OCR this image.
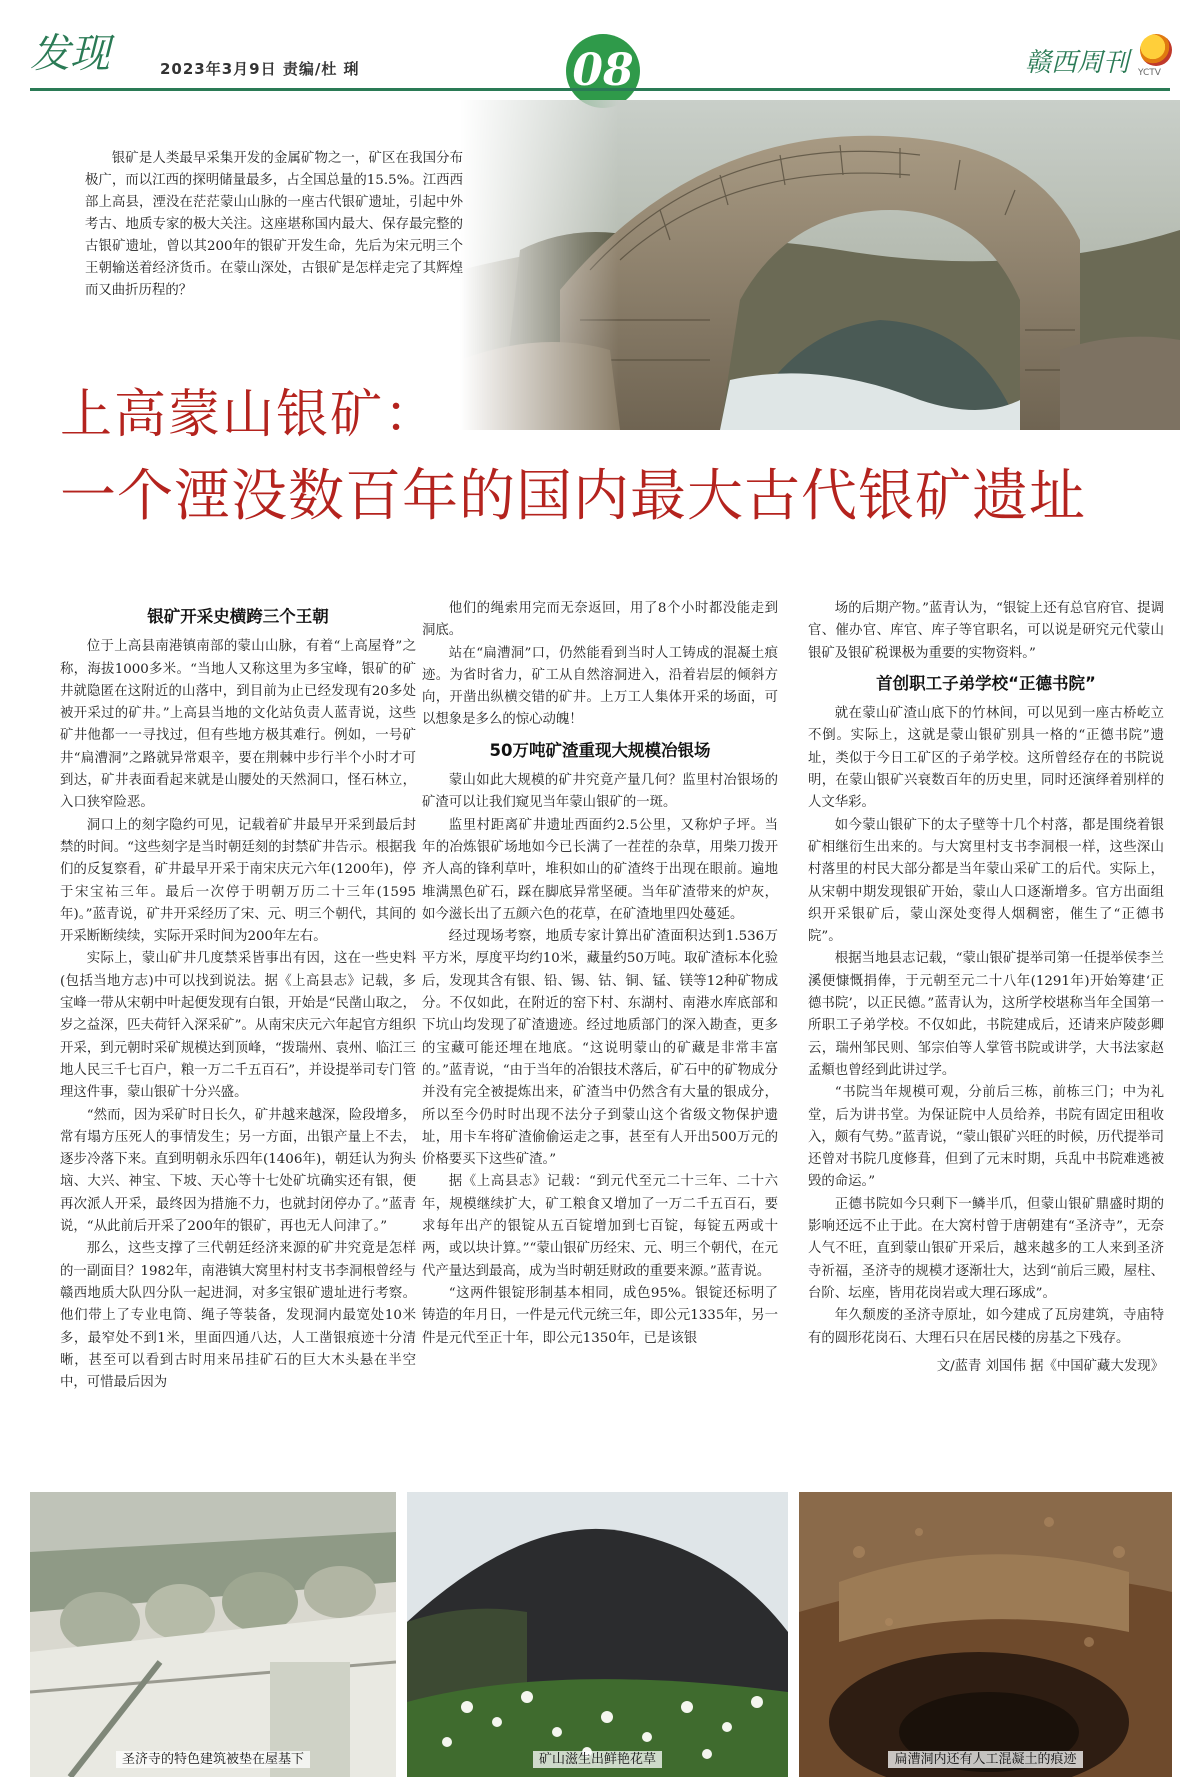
发现	2023年3月9日 责编/杜 琍	08	赣西周刊 YCTV

银矿是人类最早采集开发的金属矿物之一，矿区在我国分布极广，而以江西的探明储量最多，占全国总量的15.5%。江西西部上高县，湮没在茫茫蒙山山脉的一座古代银矿遗址，引起中外考古、地质专家的极大关注。这座堪称国内最大、保存最完整的古银矿遗址，曾以其200年的银矿开发生命，先后为宋元明三个王朝输送着经济货币。在蒙山深处，古银矿是怎样走完了其辉煌而又曲折历程的？

上高蒙山银矿：
一个湮没数百年的国内最大古代银矿遗址
银矿开采史横跨三个王朝

位于上高县南港镇南部的蒙山山脉，有着“上高屋脊”之称，海拔1000多米。“当地人又称这里为多宝峰，银矿的矿井就隐匿在这附近的山落中，到目前为止已经发现有20多处被开采过的矿井。”上高县当地的文化站负责人蓝青说，这些矿井他都一一寻找过，但有些地方极其难行。例如，一号矿井“扁漕洞”之路就异常艰辛，要在荆棘中步行半个小时才可到达，矿井表面看起来就是山腰处的天然洞口，怪石林立，入口狭窄险恶。

洞口上的刻字隐约可见，记载着矿井最早开采到最后封禁的时间。“这些刻字是当时朝廷刻的封禁矿井告示。根据我们的反复察看，矿井最早开采于南宋庆元六年(1200年)，停于宋宝祐三年。最后一次停于明朝万历二十三年(1595年)。”蓝青说，矿井开采经历了宋、元、明三个朝代，其间的开采断断续续，实际开采时间为200年左右。

实际上，蒙山矿井几度禁采皆事出有因，这在一些史料(包括当地方志)中可以找到说法。据《上高县志》记载，多宝峰一带从宋朝中叶起便发现有白银，开始是“民凿山取之，岁之益深，匹夫荷钎入深采矿”。从南宋庆元六年起官方组织开采，到元朝时采矿规模达到顶峰，“拨瑞州、袁州、临江三地人民三千七百户，粮一万二千五百石”，并设提举司专门管理这件事，蒙山银矿十分兴盛。

“然而，因为采矿时日长久，矿井越来越深，险段增多，常有塌方压死人的事情发生；另一方面，出银产量上不去，逐步冷落下来。直到明朝永乐四年(1406年)，朝廷认为狗头垴、大兴、神宝、下坡、天心等十七处矿坑确实还有银，便再次派人开采，最终因为措施不力，也就封闭停办了。”蓝青说，“从此前后开采了200年的银矿，再也无人问津了。”

那么，这些支撑了三代朝廷经济来源的矿井究竟是怎样的一副面目？1982年，南港镇大窝里村村支书李洞根曾经与赣西地质大队四分队一起进洞，对多宝银矿遗址进行考察。他们带上了专业电筒、绳子等装备，发现洞内最宽处10米多，最窄处不到1米，里面四通八达，人工凿银痕迹十分清晰，甚至可以看到古时用来吊挂矿石的巨大木头悬在半空中，可惜最后因为

他们的绳索用完而无奈返回，用了8个小时都没能走到洞底。

站在“扁漕洞”口，仍然能看到当时人工铸成的混凝土痕迹。为省时省力，矿工从自然溶洞进入，沿着岩层的倾斜方向，开凿出纵横交错的矿井。上万工人集体开采的场面，可以想象是多么的惊心动魄！

50万吨矿渣重现大规模冶银场

蒙山如此大规模的矿井究竟产量几何？监里村冶银场的矿渣可以让我们窥见当年蒙山银矿的一斑。

监里村距离矿井遗址西面约2.5公里，又称炉子坪。当年的冶炼银矿场地如今已长满了一茬茬的杂草，用柴刀拨开齐人高的锋利草叶，堆积如山的矿渣终于出现在眼前。遍地堆满黑色矿石，踩在脚底异常坚硬。当年矿渣带来的炉灰，如今滋长出了五颜六色的花草，在矿渣地里四处蔓延。

经过现场考察，地质专家计算出矿渣面积达到1.536万平方米，厚度平均约10米，藏量约50万吨。取矿渣标本化验后，发现其含有银、铅、锡、钴、铜、锰、镁等12种矿物成分。不仅如此，在附近的窑下村、东湖村、南港水库底部和下坑山均发现了矿渣遗迹。经过地质部门的深入勘查，更多的宝藏可能还埋在地底。“这说明蒙山的矿藏是非常丰富的。”蓝青说，“由于当年的冶银技术落后，矿石中的矿物成分并没有完全被提炼出来，矿渣当中仍然含有大量的银成分，所以至今仍时时出现不法分子到蒙山这个省级文物保护遗址，用卡车将矿渣偷偷运走之事，甚至有人开出500万元的价格要买下这些矿渣。”

据《上高县志》记载：“到元代至元二十三年、二十六年，规模继续扩大，矿工粮食又增加了一万二千五百石，要求每年出产的银锭从五百锭增加到七百锭，每锭五两或十两，或以块计算。”“蒙山银矿历经宋、元、明三个朝代，在元代产量达到最高，成为当时朝廷财政的重要来源。”蓝青说。

“这两件银锭形制基本相同，成色95%。银锭还标明了铸造的年月日，一件是元代元统三年，即公元1335年，另一件是元代至正十年，即公元1350年，已是该银

场的后期产物。”蓝青认为，“银锭上还有总官府官、提调官、催办官、库官、库子等官职名，可以说是研究元代蒙山银矿及银矿税课极为重要的实物资料。”

首创职工子弟学校“正德书院”

就在蒙山矿渣山底下的竹林间，可以见到一座古桥屹立不倒。实际上，这就是蒙山银矿别具一格的“正德书院”遗址，类似于今日工矿区的子弟学校。这所曾经存在的书院说明，在蒙山银矿兴衰数百年的历史里，同时还演绎着别样的人文华彩。

如今蒙山银矿下的太子壁等十几个村落，都是围绕着银矿相继衍生出来的。与大窝里村支书李洞根一样，这些深山村落里的村民大部分都是当年蒙山采矿工的后代。实际上，从宋朝中期发现银矿开始，蒙山人口逐渐增多。官方出面组织开采银矿后，蒙山深处变得人烟稠密，催生了“正德书院”。

根据当地县志记载，“蒙山银矿提举司第一任提举侯李兰溪便慷慨捐俸，于元朝至元二十八年(1291年)开始筹建‘正德书院’，以正民德。”蓝青认为，这所学校堪称当年全国第一所职工子弟学校。不仅如此，书院建成后，还请来庐陵彭卿云，瑞州邹民则、邹宗伯等人掌管书院或讲学，大书法家赵孟頫也曾经到此讲过学。

“书院当年规模可观，分前后三栋，前栋三门；中为礼堂，后为讲书堂。为保证院中人员给养，书院有固定田租收入，颇有气势。”蓝青说，“蒙山银矿兴旺的时候，历代提举司还曾对书院几度修葺，但到了元末时期，兵乱中书院难逃被毁的命运。”

正德书院如今只剩下一鳞半爪，但蒙山银矿鼎盛时期的影响还远不止于此。在大窝村曾于唐朝建有“圣济寺”，无奈人气不旺，直到蒙山银矿开采后，越来越多的工人来到圣济寺祈福，圣济寺的规模才逐渐壮大，达到“前后三殿，屋柱、台阶、坛座，皆用花岗岩或大理石琢成”。

年久颓废的圣济寺原址，如今建成了瓦房建筑，寺庙特有的圆形花岗石、大理石只在居民楼的房基之下残存。

文/蓝青 刘国伟 据《中国矿藏大发现》

圣济寺的特色建筑被垫在屋基下	矿山滋生出鲜艳花草	扁漕洞内还有人工混凝土的痕迹
